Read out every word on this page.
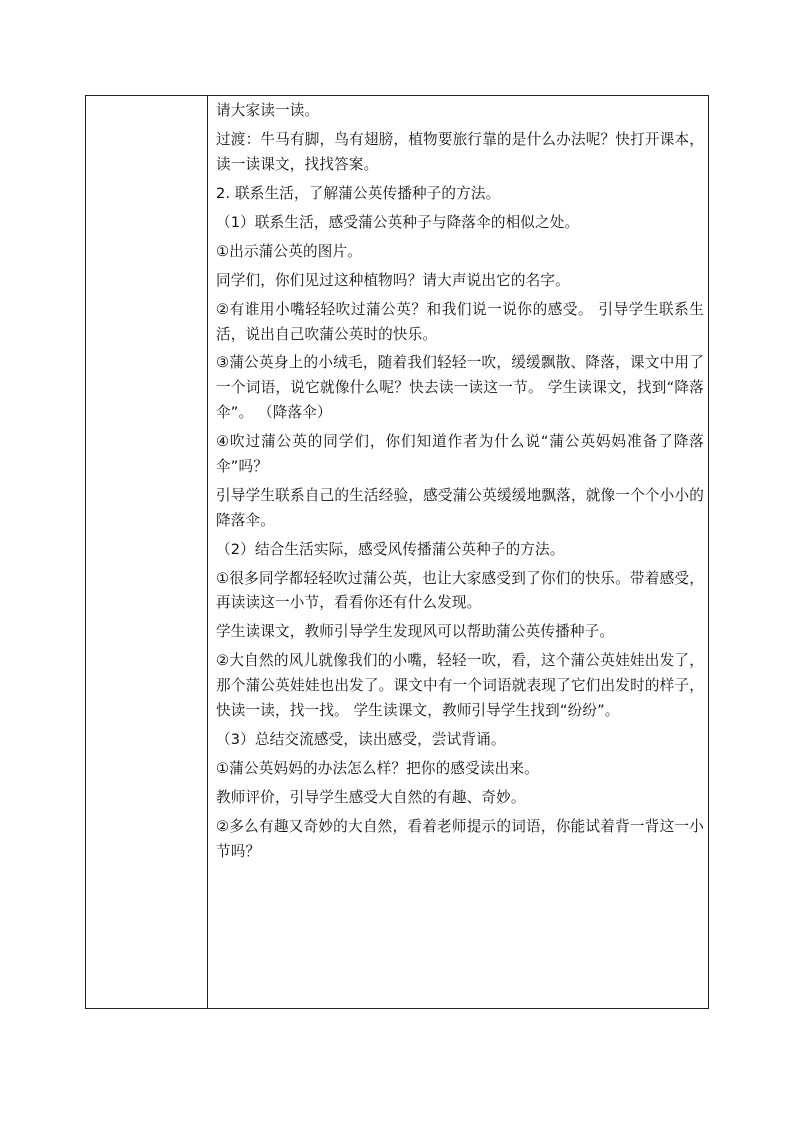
请大家读一读。

过渡：牛马有脚，鸟有翅膀，植物要旅行靠的是什么办法呢？快打开课本，读一读课文，找找答案。

2. 联系生活，了解蒲公英传播种子的方法。

（1）联系生活，感受蒲公英种子与降落伞的相似之处。

①出示蒲公英的图片。

同学们，你们见过这种植物吗？请大声说出它的名字。

②有谁用小嘴轻轻吹过蒲公英？和我们说一说你的感受。 引导学生联系生活，说出自己吹蒲公英时的快乐。

③蒲公英身上的小绒毛，随着我们轻轻一吹，缓缓飘散、降落，课文中用了一个词语，说它就像什么呢？快去读一读这一节。 学生读课文，找到“降落伞”。 （降落伞）

④吹过蒲公英的同学们，你们知道作者为什么说“蒲公英妈妈准备了降落伞”吗？

引导学生联系自己的生活经验，感受蒲公英缓缓地飘落，就像一个个小小的降落伞。

（2）结合生活实际，感受风传播蒲公英种子的方法。

①很多同学都轻轻吹过蒲公英，也让大家感受到了你们的快乐。带着感受，再读读这一小节，看看你还有什么发现。

学生读课文，教师引导学生发现风可以帮助蒲公英传播种子。

②大自然的风儿就像我们的小嘴，轻轻一吹，看，这个蒲公英娃娃出发了，那个蒲公英娃娃也出发了。课文中有一个词语就表现了它们出发时的样子，快读一读，找一找。 学生读课文，教师引导学生找到“纷纷”。

（3）总结交流感受，读出感受，尝试背诵。

①蒲公英妈妈的办法怎么样？把你的感受读出来。

教师评价，引导学生感受大自然的有趣、奇妙。

②多么有趣又奇妙的大自然，看着老师提示的词语，你能试着背一背这一小节吗？
